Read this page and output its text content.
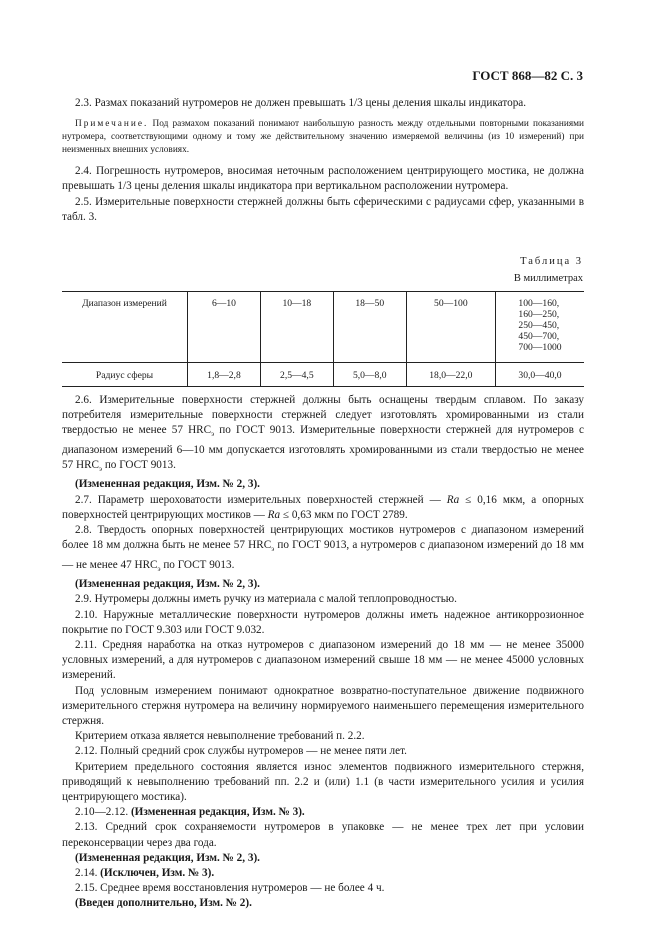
ГОСТ 868—82 С. 3

2.3. Размах показаний нутромеров не должен превышать 1/3 цены деления шкалы индикатора.

Примечание. Под размахом показаний понимают наибольшую разность между отдельными повторными показаниями нутромера, соответствующими одному и тому же действительному значению измеряемой величины (из 10 измерений) при неизменных внешних условиях.

2.4. Погрешность нутромеров, вносимая неточным расположением центрирующего мостика, не должна превышать 1/3 цены деления шкалы индикатора при вертикальном расположении нутромера.

2.5. Измерительные поверхности стержней должны быть сферическими с радиусами сфер, указанными в табл. 3.

Таблица 3
В миллиметрах
Диапазон измерений	6—10	10—18	18—50	50—100	100—160,
160—250,
250—450,
450—700,
700—1000
Радиус сферы	1,8—2,8	2,5—4,5	5,0—8,0	18,0—22,0	30,0—40,0

2.6. Измерительные поверхности стержней должны быть оснащены твердым сплавом. По заказу потребителя измерительные поверхности стержней следует изготовлять хромированными из стали твердостью не менее 57 $HRC_э$ по ГОСТ 9013. Измерительные поверхности стержней для нутромеров с диапазоном измерений 6—10 мм допускается изготовлять хромированными из стали твердостью не менее 57 $HRC_э$ по ГОСТ 9013.

(Измененная редакция, Изм. № 2, 3).

2.7. Параметр шероховатости измерительных поверхностей стержней — Ra ≤ 0,16 мкм, а опорных поверхностей центрирующих мостиков — Ra ≤ 0,63 мкм по ГОСТ 2789.

2.8. Твердость опорных поверхностей центрирующих мостиков нутромеров с диапазоном измерений более 18 мм должна быть не менее 57 $HRC_э$ по ГОСТ 9013, а нутромеров с диапазоном измерений до 18 мм — не менее 47 $HRC_э$ по ГОСТ 9013.

(Измененная редакция, Изм. № 2, 3).

2.9. Нутромеры должны иметь ручку из материала с малой теплопроводностью.

2.10. Наружные металлические поверхности нутромеров должны иметь надежное антикоррозионное покрытие по ГОСТ 9.303 или ГОСТ 9.032.

2.11. Средняя наработка на отказ нутромеров с диапазоном измерений до 18 мм — не менее 35000 условных измерений, а для нутромеров с диапазоном измерений свыше 18 мм — не менее 45000 условных измерений.

Под условным измерением понимают однократное возвратно-поступательное движение подвижного измерительного стержня нутромера на величину нормируемого наименьшего перемещения измерительного стержня.

Критерием отказа является невыполнение требований п. 2.2.

2.12. Полный средний срок службы нутромеров — не менее пяти лет.

Критерием предельного состояния является износ элементов подвижного измерительного стержня, приводящий к невыполнению требований пп. 2.2 и (или) 1.1 (в части измерительного усилия и усилия центрирующего мостика).

2.10—2.12. (Измененная редакция, Изм. № 3).

2.13. Средний срок сохраняемости нутромеров в упаковке — не менее трех лет при условии переконсервации через два года.

(Измененная редакция, Изм. № 2, 3).

2.14. (Исключен, Изм. № 3).

2.15. Среднее время восстановления нутромеров — не более 4 ч.

(Введен дополнительно, Изм. № 2).
